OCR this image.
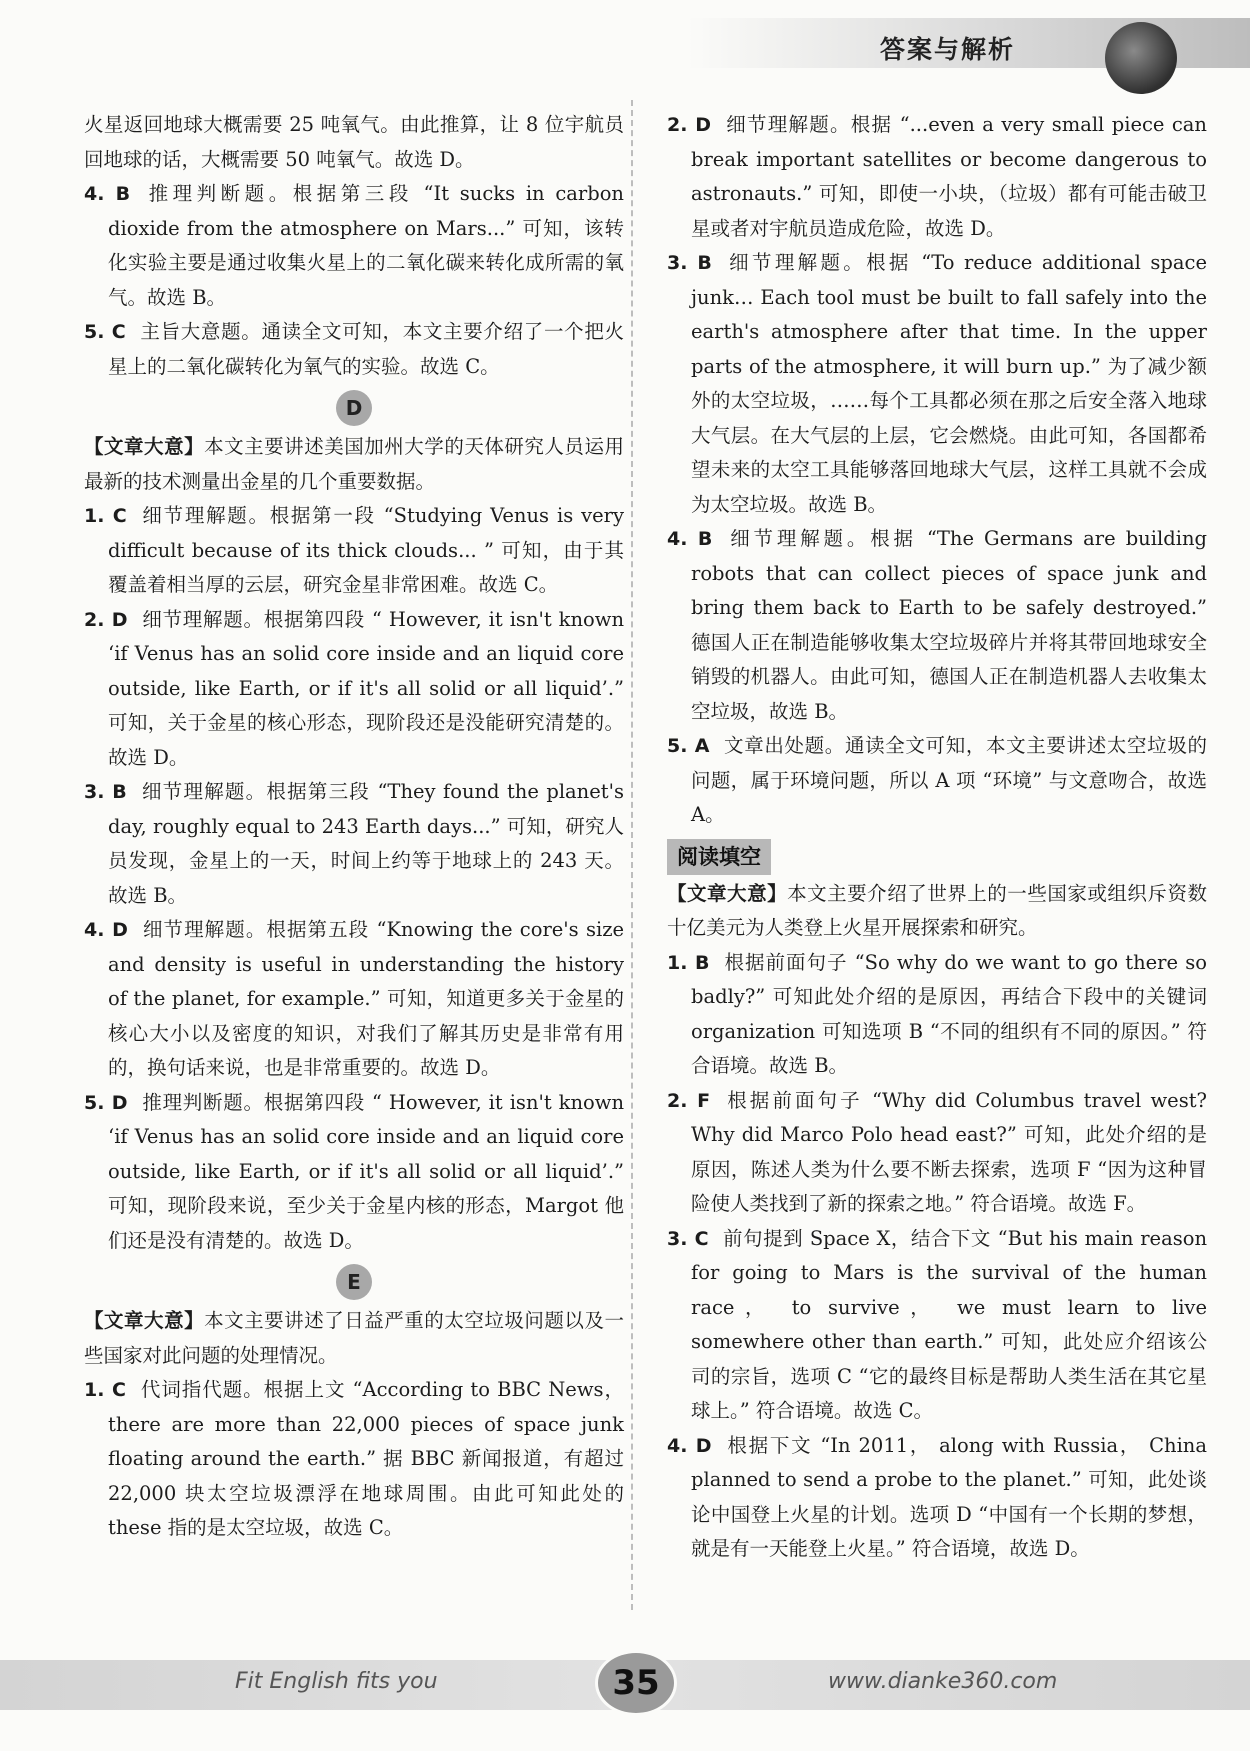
答案与解析

火星返回地球大概需要 25 吨氧气。由此推算，让 8 位宇航员回地球的话，大概需要 50 吨氧气。故选 D。

4. B 推理判断题。根据第三段 “It sucks in carbon dioxide from the atmosphere on Mars...” 可知，该转化实验主要是通过收集火星上的二氧化碳来转化成所需的氧气。故选 B。

5. C 主旨大意题。通读全文可知，本文主要介绍了一个把火星上的二氧化碳转化为氧气的实验。故选 C。

D

【文章大意】本文主要讲述美国加州大学的天体研究人员运用最新的技术测量出金星的几个重要数据。

1. C 细节理解题。根据第一段 “Studying Venus is very difficult because of its thick clouds... ” 可知，由于其覆盖着相当厚的云层，研究金星非常困难。故选 C。

2. D 细节理解题。根据第四段 “ However, it isn't known ‘if Venus has an solid core inside and an liquid core outside, like Earth, or if it's all solid or all liquid’.” 可知，关于金星的核心形态，现阶段还是没能研究清楚的。故选 D。

3. B 细节理解题。根据第三段 “They found the planet's day, roughly equal to 243 Earth days...” 可知，研究人员发现，金星上的一天，时间上约等于地球上的 243 天。故选 B。

4. D 细节理解题。根据第五段 “Knowing the core's size and density is useful in understanding the history of the planet, for example.” 可知，知道更多关于金星的核心大小以及密度的知识，对我们了解其历史是非常有用的，换句话来说，也是非常重要的。故选 D。

5. D 推理判断题。根据第四段 “ However, it isn't known ‘if Venus has an solid core inside and an liquid core outside, like Earth, or if it's all solid or all liquid’.” 可知，现阶段来说，至少关于金星内核的形态，Margot 他们还是没有清楚的。故选 D。

E

【文章大意】本文主要讲述了日益严重的太空垃圾问题以及一些国家对此问题的处理情况。

1. C 代词指代题。根据上文 “According to BBC News， there are more than 22,000 pieces of space junk floating around the earth.” 据 BBC 新闻报道，有超过 22,000 块太空垃圾漂浮在地球周围。由此可知此处的 these 指的是太空垃圾，故选 C。

2. D 细节理解题。根据 “...even a very small piece can break important satellites or become dangerous to astronauts.” 可知，即使一小块，（垃圾）都有可能击破卫星或者对宇航员造成危险，故选 D。

3. B 细节理解题。根据 “To reduce additional space junk… Each tool must be built to fall safely into the earth's atmosphere after that time. In the upper parts of the atmosphere, it will burn up.” 为了减少额外的太空垃圾，……每个工具都必须在那之后安全落入地球大气层。在大气层的上层，它会燃烧。由此可知，各国都希望未来的太空工具能够落回地球大气层，这样工具就不会成为太空垃圾。故选 B。

4. B 细节理解题。根据 “The Germans are building robots that can collect pieces of space junk and bring them back to Earth to be safely destroyed.” 德国人正在制造能够收集太空垃圾碎片并将其带回地球安全销毁的机器人。由此可知，德国人正在制造机器人去收集太空垃圾，故选 B。

5. A 文章出处题。通读全文可知，本文主要讲述太空垃圾的问题，属于环境问题，所以 A 项 “环境” 与文意吻合，故选 A。

阅读填空

【文章大意】本文主要介绍了世界上的一些国家或组织斥资数十亿美元为人类登上火星开展探索和研究。

1. B 根据前面句子 “So why do we want to go there so badly?” 可知此处介绍的是原因，再结合下段中的关键词 organization 可知选项 B “不同的组织有不同的原因。” 符合语境。故选 B。

2. F 根据前面句子 “Why did Columbus travel west? Why did Marco Polo head east?” 可知，此处介绍的是原因，陈述人类为什么要不断去探索，选项 F “因为这种冒险使人类找到了新的探索之地。” 符合语境。故选 F。

3. C 前句提到 Space X，结合下文 “But his main reason for going to Mars is the survival of the human race， to survive， we must learn to live somewhere other than earth.” 可知，此处应介绍该公司的宗旨，选项 C “它的最终目标是帮助人类生活在其它星球上。” 符合语境。故选 C。

4. D 根据下文 “In 2011， along with Russia， China planned to send a probe to the planet.” 可知，此处谈论中国登上火星的计划。选项 D “中国有一个长期的梦想，就是有一天能登上火星。” 符合语境，故选 D。

Fit English fits you	35	www.dianke360.com
